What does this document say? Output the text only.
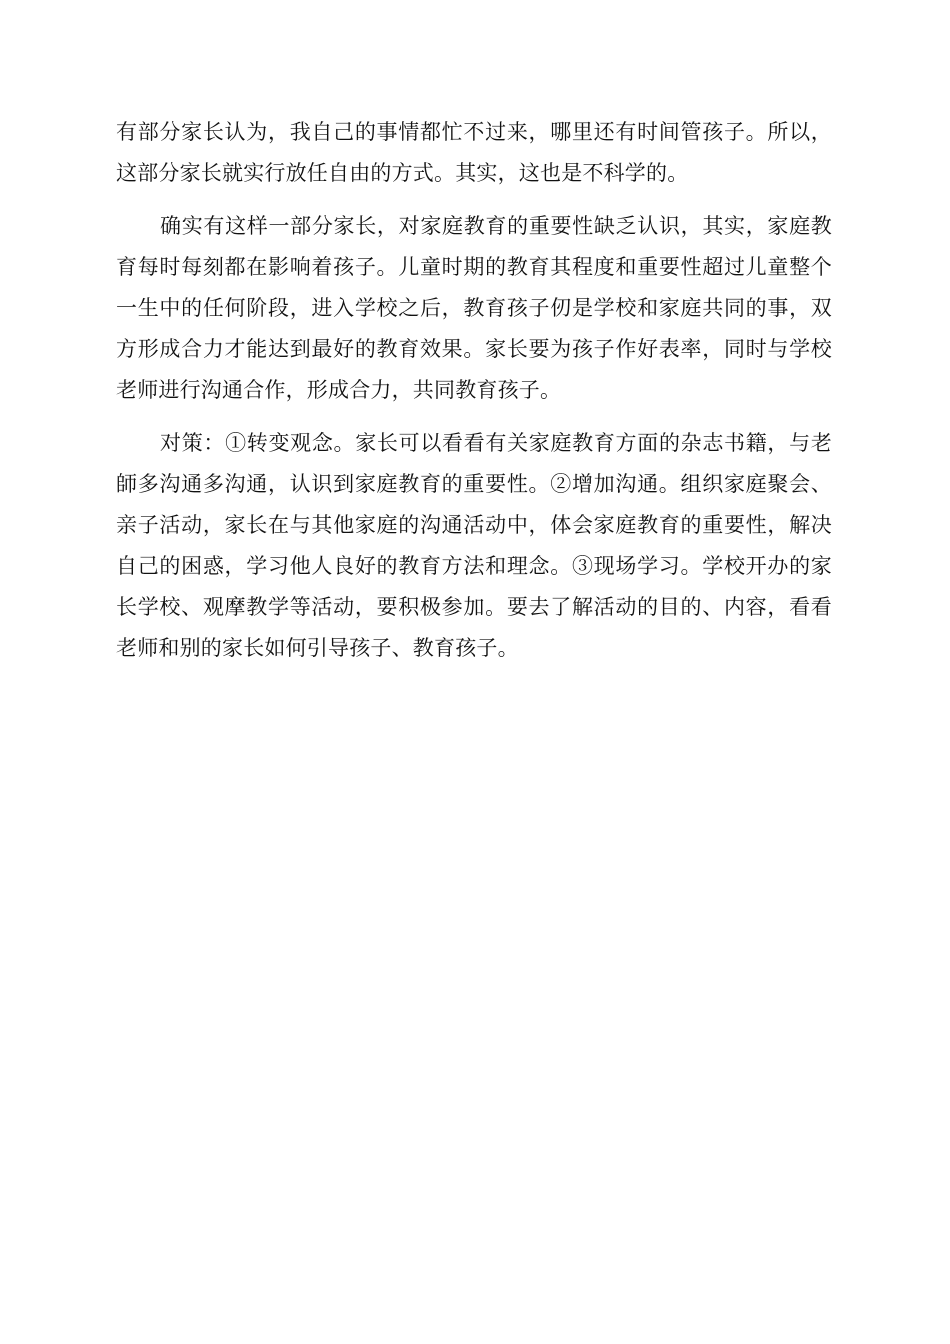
有部分家长认为，我自己的事情都忙不过来，哪里还有时间管孩子。所以，这部分家长就实行放任自由的方式。其实，这也是不科学的。

确实有这样一部分家长，对家庭教育的重要性缺乏认识，其实，家庭教育每时每刻都在影响着孩子。儿童时期的教育其程度和重要性超过儿童整个一生中的任何阶段，进入学校之后，教育孩子仞是学校和家庭共同的事，双方形成合力才能达到最好的教育效果。家长要为孩子作好表率，同时与学校老师进行沟通合作，形成合力，共同教育孩子。

对策：①转变观念。家长可以看看有关家庭教育方面的杂志书籍，与老師多沟通多沟通，认识到家庭教育的重要性。②增加沟通。组织家庭聚会、亲子活动，家长在与其他家庭的沟通活动中，体会家庭教育的重要性，解决自己的困惑，学习他人良好的教育方法和理念。③现场学习。学校开办的家长学校、观摩教学等活动，要积极参加。要去了解活动的目的、内容，看看老师和别的家长如何引导孩子、教育孩子。
